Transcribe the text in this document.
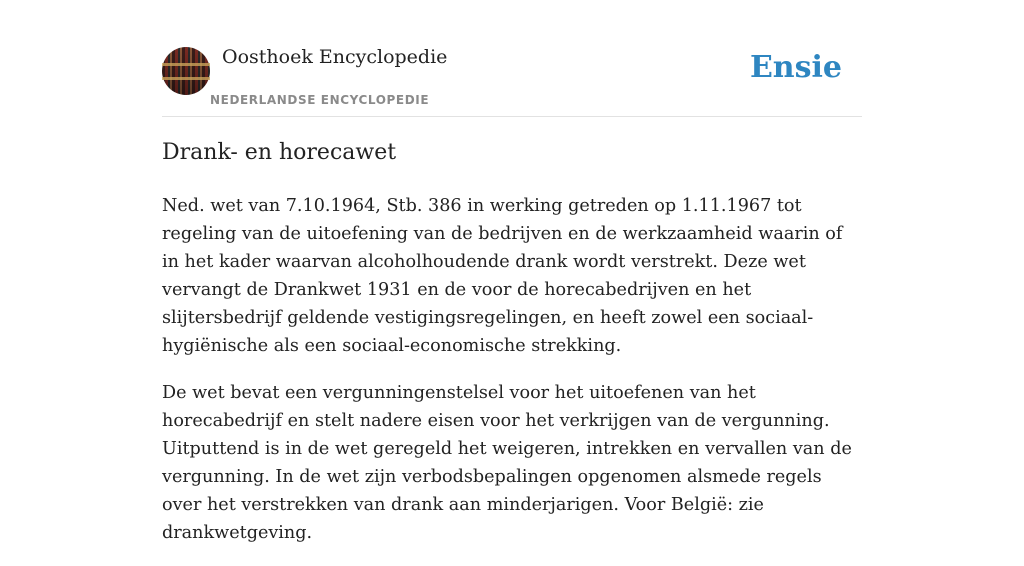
Oosthoek Encyclopedie
NEDERLANDSE ENCYCLOPEDIE
Ensie
Drank- en horecawet

Ned. wet van 7.10.1964, Stb. 386 in werking getreden op 1.11.1967 tot regeling van de uitoefening van de bedrijven en de werkzaamheid waarin of in het kader waarvan alcoholhoudende drank wordt verstrekt. Deze wet vervangt de Drankwet 1931 en de voor de horecabedrijven en het slijtersbedrijf geldende vestigingsregelingen, en heeft zowel een sociaal-hygiënische als een sociaal-economische strekking.

De wet bevat een vergunningenstelsel voor het uitoefenen van het horecabedrijf en stelt nadere eisen voor het verkrijgen van de vergunning. Uitputtend is in de wet geregeld het weigeren, intrekken en vervallen van de vergunning. In de wet zijn verbodsbepalingen opgenomen alsmede regels over het verstrekken van drank aan minderjarigen. Voor België: zie drankwetgeving.
